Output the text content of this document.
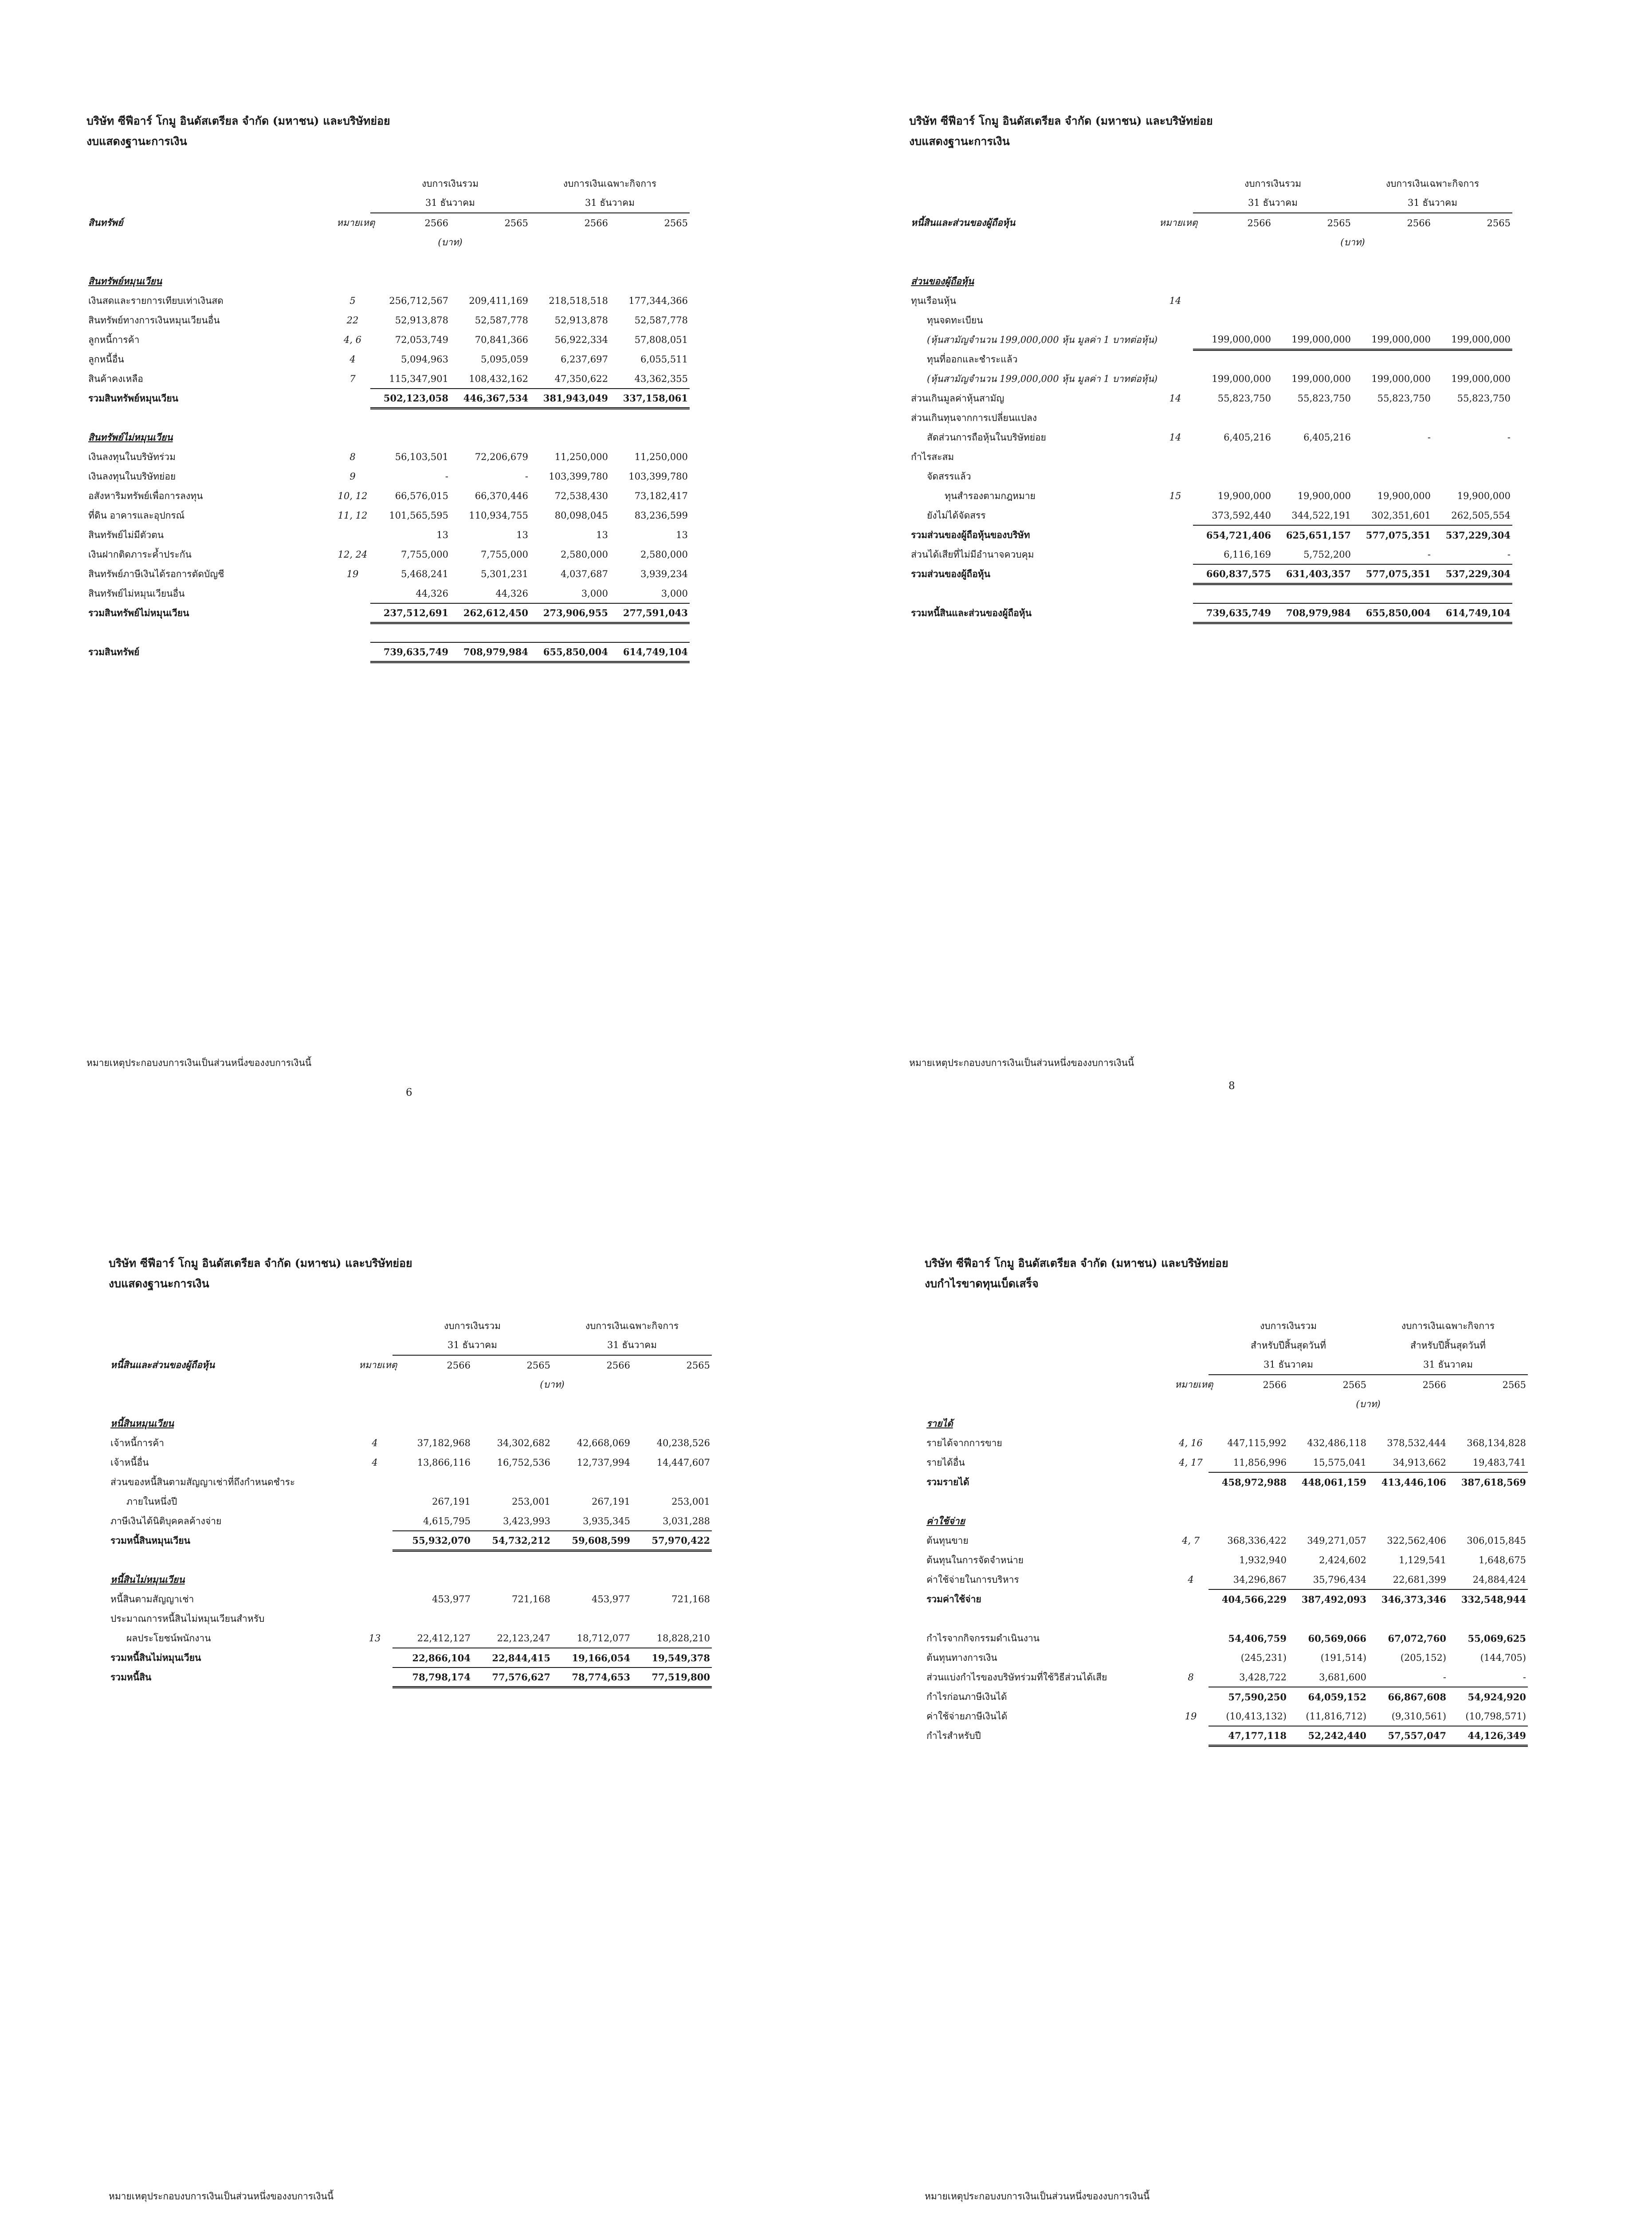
บริษัท ซีฟีอาร์ โกมู อินดัสเตรียล จำกัด (มหาชน) และบริษัทย่อย
งบแสดงฐานะการเงิน
		งบการเงินรวม		งบการเงินเฉพาะกิจการ	
		31 ธันวาคม		31 ธันวาคม	
สินทรัพย์	หมายเหตุ	2566	2565	2566	2565
		(บาท)			

สินทรัพย์หมุนเวียน					
เงินสดและรายการเทียบเท่าเงินสด	5	256,712,567	209,411,169	218,518,518	177,344,366
สินทรัพย์ทางการเงินหมุนเวียนอื่น	22	52,913,878	52,587,778	52,913,878	52,587,778
ลูกหนี้การค้า	4, 6	72,053,749	70,841,366	56,922,334	57,808,051
ลูกหนี้อื่น	4	5,094,963	5,095,059	6,237,697	6,055,511
สินค้าคงเหลือ	7	115,347,901	108,432,162	47,350,622	43,362,355
รวมสินทรัพย์หมุนเวียน		502,123,058	446,367,534	381,943,049	337,158,061

สินทรัพย์ไม่หมุนเวียน					
เงินลงทุนในบริษัทร่วม	8	56,103,501	72,206,679	11,250,000	11,250,000
เงินลงทุนในบริษัทย่อย	9	-	-	103,399,780	103,399,780
อสังหาริมทรัพย์เพื่อการลงทุน	10, 12	66,576,015	66,370,446	72,538,430	73,182,417
ที่ดิน อาคารและอุปกรณ์	11, 12	101,565,595	110,934,755	80,098,045	83,236,599
สินทรัพย์ไม่มีตัวตน		13	13	13	13
เงินฝากติดภาระค้ำประกัน	12, 24	7,755,000	7,755,000	2,580,000	2,580,000
สินทรัพย์ภาษีเงินได้รอการตัดบัญชี	19	5,468,241	5,301,231	4,037,687	3,939,234
สินทรัพย์ไม่หมุนเวียนอื่น		44,326	44,326	3,000	3,000
รวมสินทรัพย์ไม่หมุนเวียน		237,512,691	262,612,450	273,906,955	277,591,043

รวมสินทรัพย์		739,635,749	708,979,984	655,850,004	614,749,104
หมายเหตุประกอบงบการเงินเป็นส่วนหนึ่งของงบการเงินนี้
6
บริษัท ซีฟีอาร์ โกมู อินดัสเตรียล จำกัด (มหาชน) และบริษัทย่อย
งบแสดงฐานะการเงิน
		งบการเงินรวม		งบการเงินเฉพาะกิจการ	
		31 ธันวาคม		31 ธันวาคม	
หนี้สินและส่วนของผู้ถือหุ้น	หมายเหตุ	2566	2565	2566	2565
			(บาท)		

ส่วนของผู้ถือหุ้น					
ทุนเรือนหุ้น	14				
ทุนจดทะเบียน					
(หุ้นสามัญจำนวน 199,000,000 หุ้น มูลค่า 1 บาทต่อหุ้น)		199,000,000	199,000,000	199,000,000	199,000,000
ทุนที่ออกและชำระแล้ว					
(หุ้นสามัญจำนวน 199,000,000 หุ้น มูลค่า 1 บาทต่อหุ้น)		199,000,000	199,000,000	199,000,000	199,000,000
ส่วนเกินมูลค่าหุ้นสามัญ	14	55,823,750	55,823,750	55,823,750	55,823,750
ส่วนเกินทุนจากการเปลี่ยนแปลง					
สัดส่วนการถือหุ้นในบริษัทย่อย	14	6,405,216	6,405,216	-	-
กำไรสะสม					
จัดสรรแล้ว					
ทุนสำรองตามกฎหมาย	15	19,900,000	19,900,000	19,900,000	19,900,000
ยังไม่ได้จัดสรร		373,592,440	344,522,191	302,351,601	262,505,554
รวมส่วนของผู้ถือหุ้นของบริษัท		654,721,406	625,651,157	577,075,351	537,229,304
ส่วนได้เสียที่ไม่มีอำนาจควบคุม		6,116,169	5,752,200	-	-
รวมส่วนของผู้ถือหุ้น		660,837,575	631,403,357	577,075,351	537,229,304

รวมหนี้สินและส่วนของผู้ถือหุ้น		739,635,749	708,979,984	655,850,004	614,749,104
หมายเหตุประกอบงบการเงินเป็นส่วนหนึ่งของงบการเงินนี้
8
บริษัท ซีฟีอาร์ โกมู อินดัสเตรียล จำกัด (มหาชน) และบริษัทย่อย
งบแสดงฐานะการเงิน
		งบการเงินรวม		งบการเงินเฉพาะกิจการ	
		31 ธันวาคม		31 ธันวาคม	
หนี้สินและส่วนของผู้ถือหุ้น	หมายเหตุ	2566	2565	2566	2565
			(บาท)		

หนี้สินหมุนเวียน					
เจ้าหนี้การค้า	4	37,182,968	34,302,682	42,668,069	40,238,526
เจ้าหนี้อื่น	4	13,866,116	16,752,536	12,737,994	14,447,607
ส่วนของหนี้สินตามสัญญาเช่าที่ถึงกำหนดชำระ					
ภายในหนึ่งปี		267,191	253,001	267,191	253,001
ภาษีเงินได้นิติบุคคลค้างจ่าย		4,615,795	3,423,993	3,935,345	3,031,288
รวมหนี้สินหมุนเวียน		55,932,070	54,732,212	59,608,599	57,970,422

หนี้สินไม่หมุนเวียน					
หนี้สินตามสัญญาเช่า		453,977	721,168	453,977	721,168
ประมาณการหนี้สินไม่หมุนเวียนสำหรับ					
ผลประโยชน์พนักงาน	13	22,412,127	22,123,247	18,712,077	18,828,210
รวมหนี้สินไม่หมุนเวียน		22,866,104	22,844,415	19,166,054	19,549,378
รวมหนี้สิน		78,798,174	77,576,627	78,774,653	77,519,800
หมายเหตุประกอบงบการเงินเป็นส่วนหนึ่งของงบการเงินนี้
บริษัท ซีฟีอาร์ โกมู อินดัสเตรียล จำกัด (มหาชน) และบริษัทย่อย
งบกำไรขาดทุนเบ็ดเสร็จ
		งบการเงินรวม		งบการเงินเฉพาะกิจการ	
		สำหรับปีสิ้นสุดวันที่		สำหรับปีสิ้นสุดวันที่	
		31 ธันวาคม		31 ธันวาคม	
	หมายเหตุ	2566	2565	2566	2565
			(บาท)		
รายได้					
รายได้จากการขาย	4, 16	447,115,992	432,486,118	378,532,444	368,134,828
รายได้อื่น	4, 17	11,856,996	15,575,041	34,913,662	19,483,741
รวมรายได้		458,972,988	448,061,159	413,446,106	387,618,569

ค่าใช้จ่าย					
ต้นทุนขาย	4, 7	368,336,422	349,271,057	322,562,406	306,015,845
ต้นทุนในการจัดจำหน่าย		1,932,940	2,424,602	1,129,541	1,648,675
ค่าใช้จ่ายในการบริหาร	4	34,296,867	35,796,434	22,681,399	24,884,424
รวมค่าใช้จ่าย		404,566,229	387,492,093	346,373,346	332,548,944

กำไรจากกิจกรรมดำเนินงาน		54,406,759	60,569,066	67,072,760	55,069,625
ต้นทุนทางการเงิน		(245,231)	(191,514)	(205,152)	(144,705)
ส่วนแบ่งกำไรของบริษัทร่วมที่ใช้วิธีส่วนได้เสีย	8	3,428,722	3,681,600	-	-
กำไรก่อนภาษีเงินได้		57,590,250	64,059,152	66,867,608	54,924,920
ค่าใช้จ่ายภาษีเงินได้	19	(10,413,132)	(11,816,712)	(9,310,561)	(10,798,571)
กำไรสำหรับปี		47,177,118	52,242,440	57,557,047	44,126,349
หมายเหตุประกอบงบการเงินเป็นส่วนหนึ่งของงบการเงินนี้
